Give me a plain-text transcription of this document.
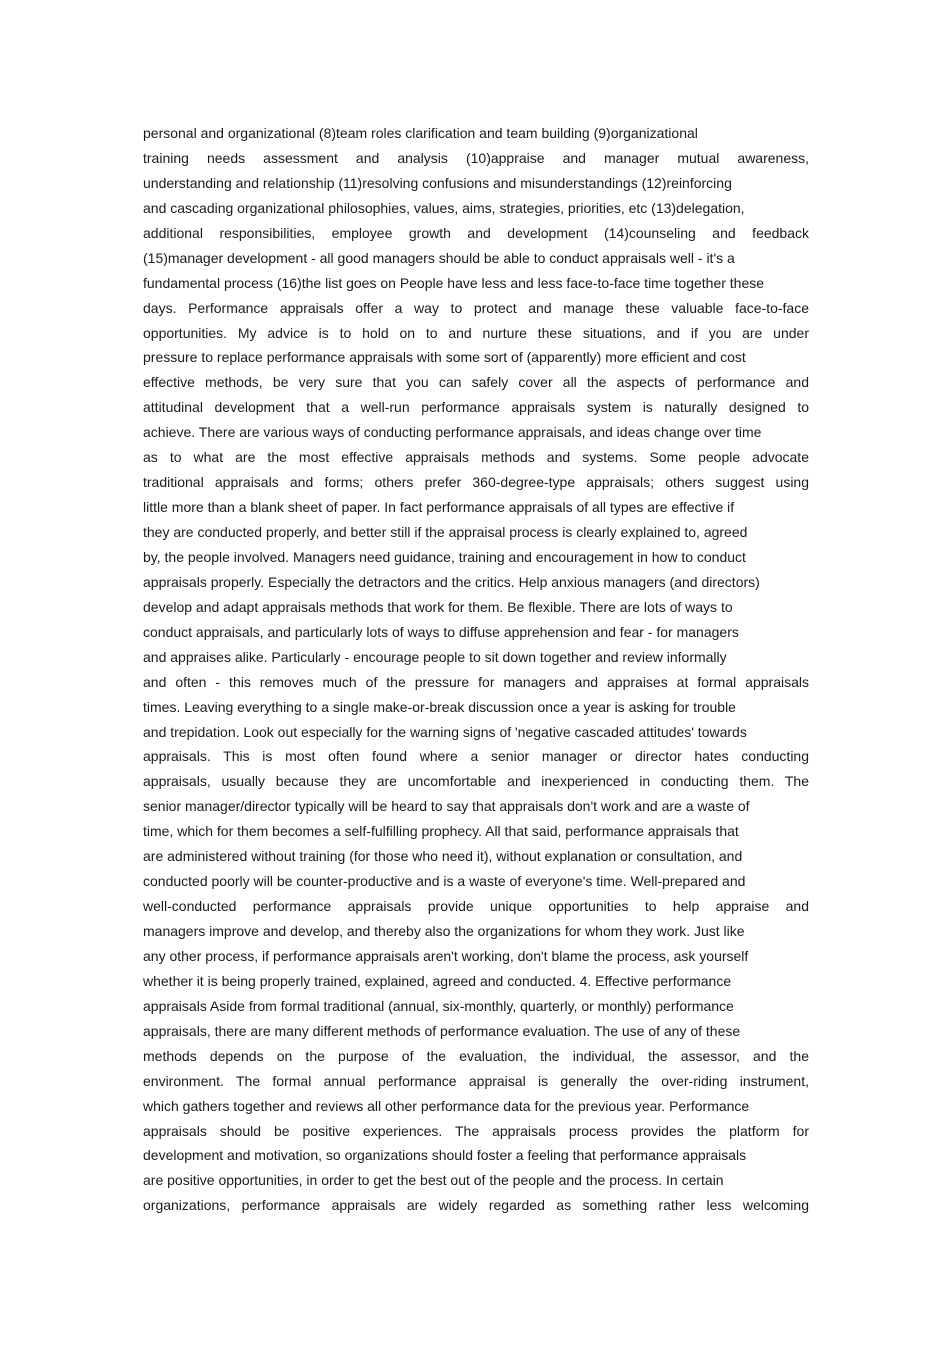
personal and organizational (8)team roles clarification and team building (9)organizational
training needs assessment and analysis (10)appraise and manager mutual awareness,
understanding and relationship (11)resolving confusions and misunderstandings (12)reinforcing
and cascading organizational philosophies, values, aims, strategies, priorities, etc (13)delegation,
additional responsibilities, employee growth and development (14)counseling and feedback
(15)manager development - all good managers should be able to conduct appraisals well - it's a
fundamental process (16)the list goes on People have less and less face-to-face time together these
days. Performance appraisals offer a way to protect and manage these valuable face-to-face
opportunities. My advice is to hold on to and nurture these situations, and if you are under
pressure to replace performance appraisals with some sort of (apparently) more efficient and cost
effective methods, be very sure that you can safely cover all the aspects of performance and
attitudinal development that a well-run performance appraisals system is naturally designed to
achieve. There are various ways of conducting performance appraisals, and ideas change over time
as to what are the most effective appraisals methods and systems. Some people advocate
traditional appraisals and forms; others prefer 360-degree-type appraisals; others suggest using
little more than a blank sheet of paper. In fact performance appraisals of all types are effective if
they are conducted properly, and better still if the appraisal process is clearly explained to, agreed
by, the people involved. Managers need guidance, training and encouragement in how to conduct
appraisals properly. Especially the detractors and the critics. Help anxious managers (and directors)
develop and adapt appraisals methods that work for them. Be flexible. There are lots of ways to
conduct appraisals, and particularly lots of ways to diffuse apprehension and fear - for managers
and appraises alike. Particularly - encourage people to sit down together and review informally
and often - this removes much of the pressure for managers and appraises at formal appraisals
times. Leaving everything to a single make-or-break discussion once a year is asking for trouble
and trepidation. Look out especially for the warning signs of 'negative cascaded attitudes' towards
appraisals. This is most often found where a senior manager or director hates conducting
appraisals, usually because they are uncomfortable and inexperienced in conducting them. The
senior manager/director typically will be heard to say that appraisals don't work and are a waste of
time, which for them becomes a self-fulfilling prophecy. All that said, performance appraisals that
are administered without training (for those who need it), without explanation or consultation, and
conducted poorly will be counter-productive and is a waste of everyone's time. Well-prepared and
well-conducted performance appraisals provide unique opportunities to help appraise and
managers improve and develop, and thereby also the organizations for whom they work. Just like
any other process, if performance appraisals aren't working, don't blame the process, ask yourself
whether it is being properly trained, explained, agreed and conducted. 4. Effective performance
appraisals Aside from formal traditional (annual, six-monthly, quarterly, or monthly) performance
appraisals, there are many different methods of performance evaluation. The use of any of these
methods depends on the purpose of the evaluation, the individual, the assessor, and the
environment. The formal annual performance appraisal is generally the over-riding instrument,
which gathers together and reviews all other performance data for the previous year. Performance
appraisals should be positive experiences. The appraisals process provides the platform for
development and motivation, so organizations should foster a feeling that performance appraisals
are positive opportunities, in order to get the best out of the people and the process. In certain
organizations, performance appraisals are widely regarded as something rather less welcoming
